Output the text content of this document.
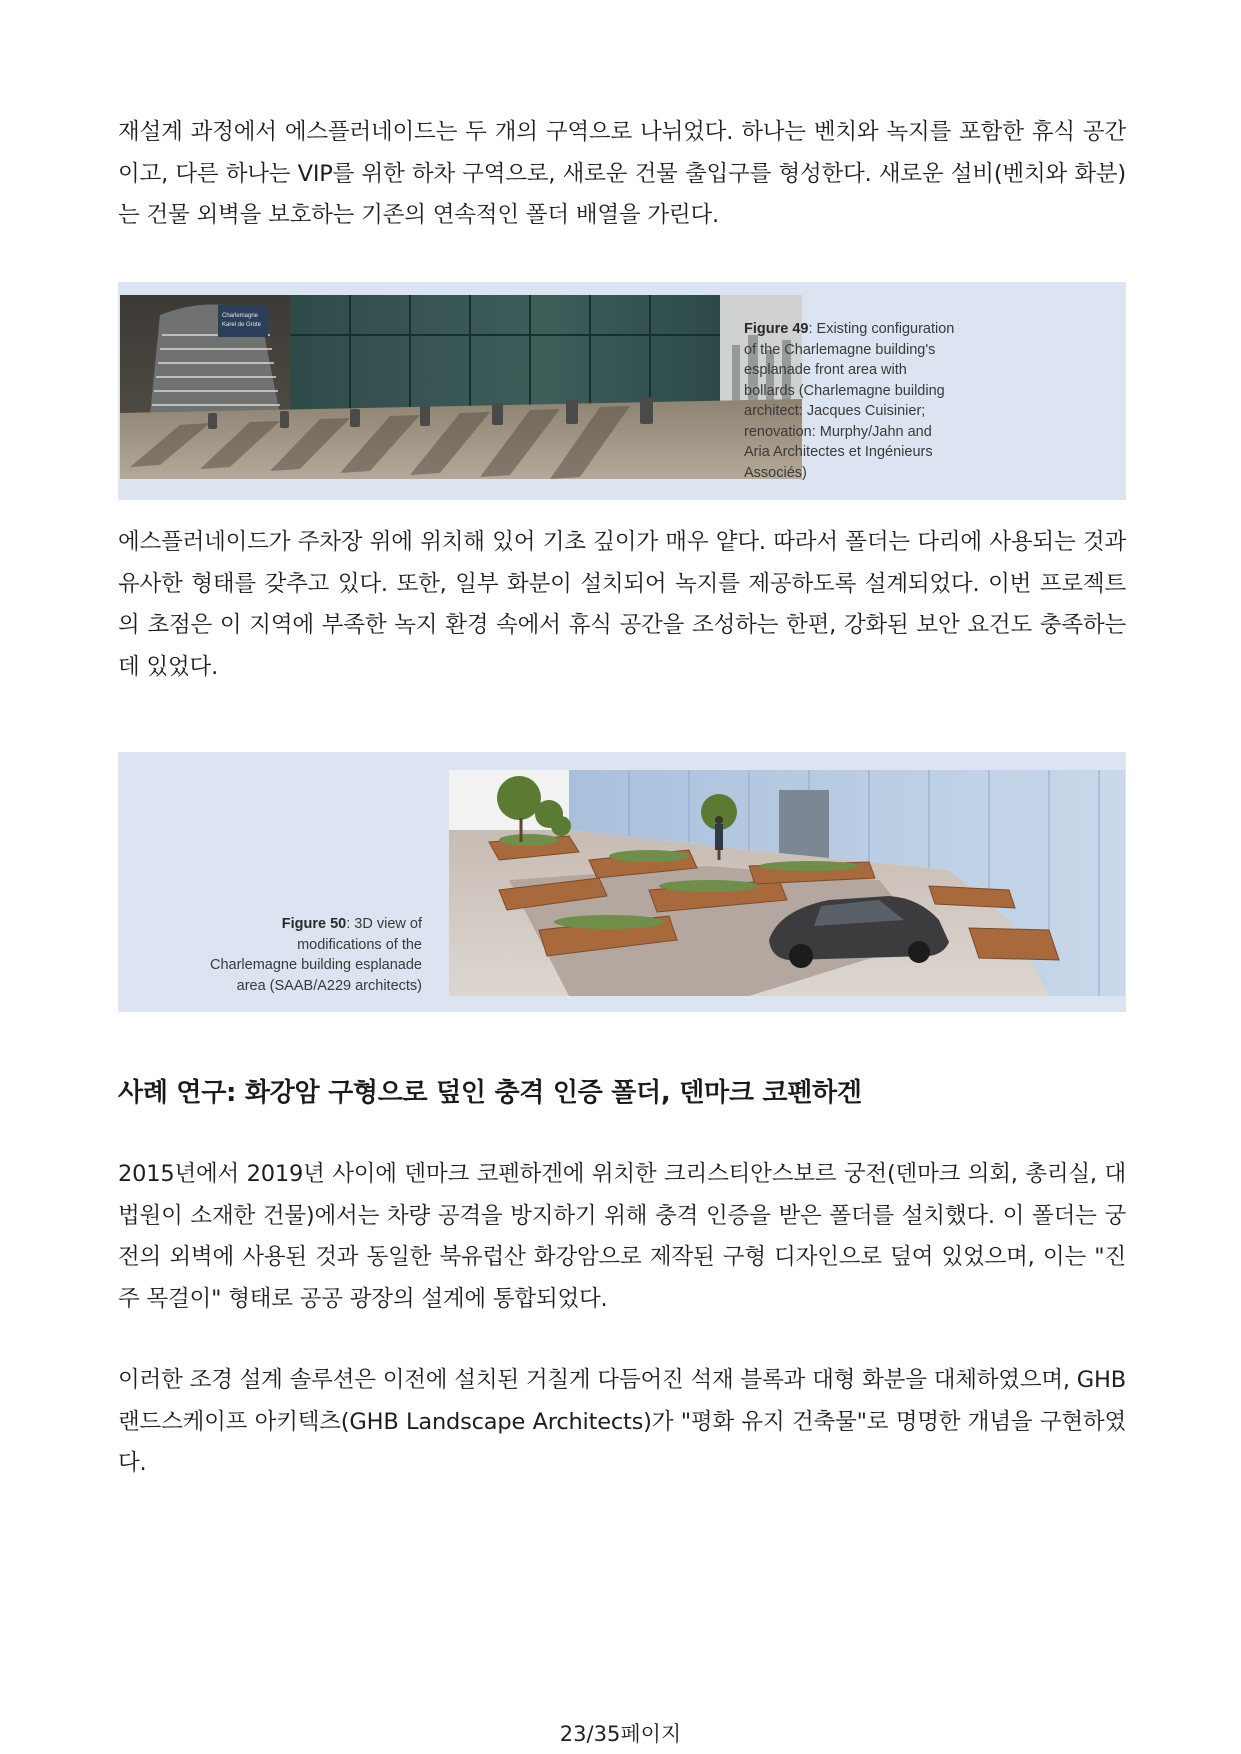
재설계 과정에서 에스플러네이드는 두 개의 구역으로 나뉘었다. 하나는 벤치와 녹지를 포함한 휴식 공간이고, 다른 하나는 VIP를 위한 하차 구역으로, 새로운 건물 출입구를 형성한다. 새로운 설비(벤치와 화분)는 건물 외벽을 보호하는 기존의 연속적인 폴더 배열을 가린다.

Charlemagne
Karel de Grote	Figure 49: Existing configuration
of the Charlemagne building's
esplanade front area with
bollards (Charlemagne building
architect: Jacques Cuisinier;
renovation: Murphy/Jahn and
Aria Architectes et Ingénieurs
Associés)

에스플러네이드가 주차장 위에 위치해 있어 기초 깊이가 매우 얕다. 따라서 폴더는 다리에 사용되는 것과 유사한 형태를 갖추고 있다. 또한, 일부 화분이 설치되어 녹지를 제공하도록 설계되었다. 이번 프로젝트의 초점은 이 지역에 부족한 녹지 환경 속에서 휴식 공간을 조성하는 한편, 강화된 보안 요건도 충족하는 데 있었다.

Figure 50: 3D view of
modifications of the
Charlemagne building esplanade
area (SAAB/A229 architects)
사례 연구: 화강암 구형으로 덮인 충격 인증 폴더, 덴마크 코펜하겐

2015년에서 2019년 사이에 덴마크 코펜하겐에 위치한 크리스티안스보르 궁전(덴마크 의회, 총리실, 대법원이 소재한 건물)에서는 차량 공격을 방지하기 위해 충격 인증을 받은 폴더를 설치했다. 이 폴더는 궁전의 외벽에 사용된 것과 동일한 북유럽산 화강암으로 제작된 구형 디자인으로 덮여 있었으며, 이는 "진주 목걸이" 형태로 공공 광장의 설계에 통합되었다.

이러한 조경 설계 솔루션은 이전에 설치된 거칠게 다듬어진 석재 블록과 대형 화분을 대체하였으며, GHB 랜드스케이프 아키텍츠(GHB Landscape Architects)가 "평화 유지 건축물"로 명명한 개념을 구현하였다.

23/35페이지
